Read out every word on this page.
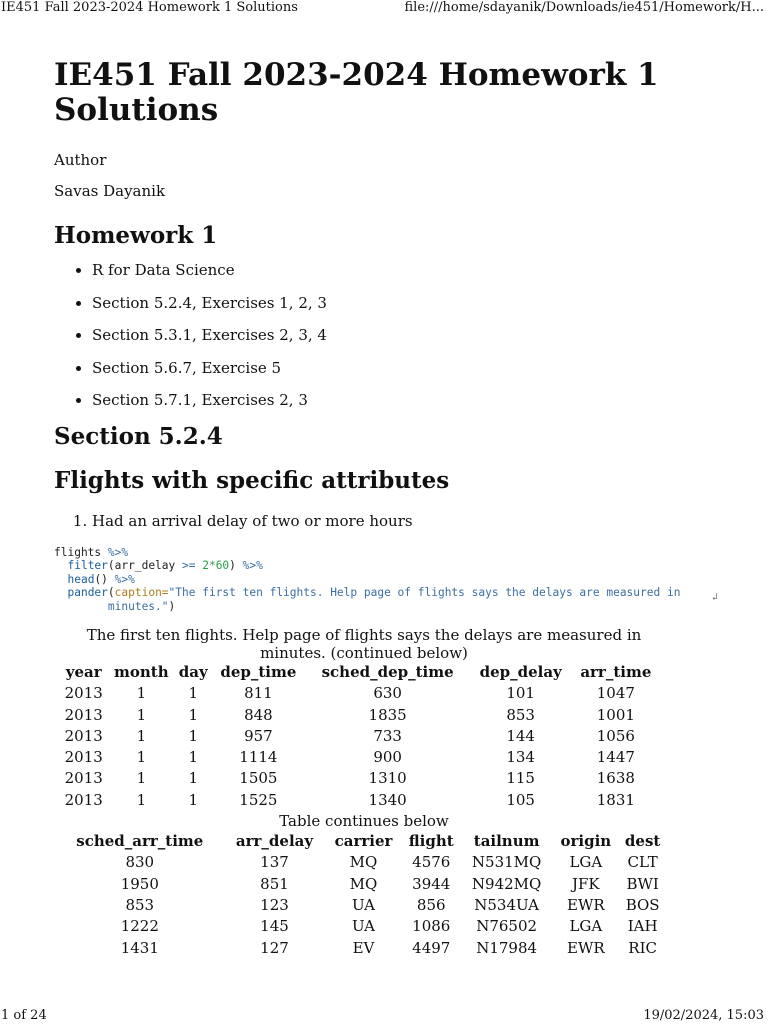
IE451 Fall 2023-2024 Homework 1 Solutions	file:///home/sdayanik/Downloads/ie451/Homework/H...
IE451 Fall 2023-2024 Homework 1 Solutions
Author
Savas Dayanik
Homework 1
• R for Data Science
• Section 5.2.4, Exercises 1, 2, 3
• Section 5.3.1, Exercises 2, 3, 4
• Section 5.6.7, Exercise 5
• Section 5.7.1, Exercises 2, 3
Section 5.2.4
Flights with specific attributes
1. Had an arrival delay of two or more hours
flights %>%
filter(arr_delay >= 2*60) %>%
head() %>%
pander(caption="The first ten flights. Help page of flights says the delays are measured in
minutes.")
↲
The first ten flights. Help page of flights says the delays are measured in minutes. (continued below)
year	month	day	dep_time	sched_dep_time	dep_delay	arr_time
2013	1	1	811	630	101	1047
2013	1	1	848	1835	853	1001
2013	1	1	957	733	144	1056
2013	1	1	1114	900	134	1447
2013	1	1	1505	1310	115	1638
2013	1	1	1525	1340	105	1831
Table continues below
sched_arr_time	arr_delay	carrier	flight	tailnum	origin	dest
830	137	MQ	4576	N531MQ	LGA	CLT
1950	851	MQ	3944	N942MQ	JFK	BWI
853	123	UA	856	N534UA	EWR	BOS
1222	145	UA	1086	N76502	LGA	IAH
1431	127	EV	4497	N17984	EWR	RIC
1 of 24	19/02/2024, 15:03
